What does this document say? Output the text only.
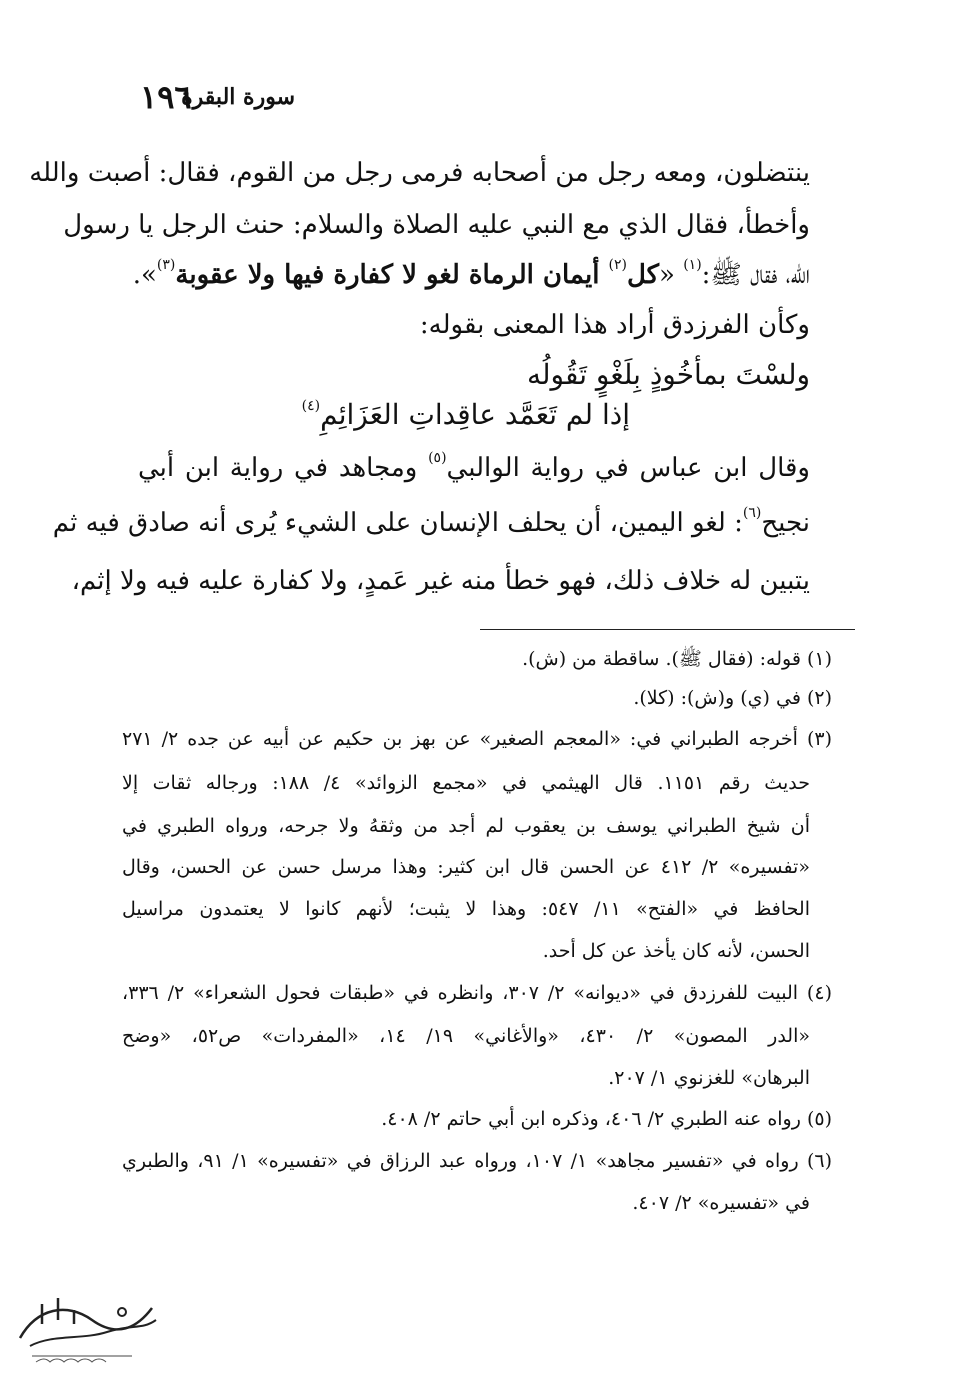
١٩٦
سورة البقرة
ينتضلون، ومعه رجل من أصحابه فرمى رجل من القوم، فقال: أصبت والله
وأخطأ، فقال الذي مع النبي عليه الصلاة والسلام: حنث الرجل يا رسول
الله، فقال ﷺ:$^{(١)}$ «كل$^{(٢)}$ أيمان الرماة لغو لا كفارة فيها ولا عقوبة$^{(٣)}$».
وكأن الفرزدق أراد هذا المعنى بقوله:
ولسْتَ بمأخُوذٍ بِلَغْوٍ تَقُولُه
إذا لم تَعَمَّد عاقِداتِ العَزَائِمِ$^{(٤)}$
وقال ابن عباس في رواية الوالبي$^{(٥)}$ ومجاهد في رواية ابن أبي
نجيح$^{(٦)}$: لغو اليمين، أن يحلف الإنسان على الشيء يُرى أنه صادق فيه ثم
يتبين له خلاف ذلك، فهو خطأ منه غير عَمدٍ، ولا كفارة عليه فيه ولا إثم،
(١) قوله: (فقال ﷺ). ساقطة من (ش).
(٢) في (ي) و(ش): (كلا).
(٣) أخرجه الطبراني في: «المعجم الصغير» عن بهز بن حكيم عن أبيه عن جده ٢/ ٢٧١
حديث رقم ١١٥١. قال الهيثمي في «مجمع الزوائد» ٤/ ١٨٨: ورجاله ثقات إلا
أن شيخ الطبراني يوسف بن يعقوب لم أجد من وثقهُ ولا جرحه، ورواه الطبري في
«تفسيره» ٢/ ٤١٢ عن الحسن قال ابن كثير: وهذا مرسل حسن عن الحسن، وقال
الحافظ في «الفتح» ١١/ ٥٤٧: وهذا لا يثبت؛ لأنهم كانوا لا يعتمدون مراسيل
الحسن، لأنه كان يأخذ عن كل أحد.
(٤) البيت للفرزدق في «ديوانه» ٢/ ٣٠٧، وانظره في «طبقات فحول الشعراء» ٢/ ٣٣٦،
«الدر المصون» ٢/ ٤٣٠، «والأغاني» ١٩/ ١٤، «المفردات» ص٥٢، «وضح
البرهان» للغزنوي ١/ ٢٠٧.
(٥) رواه عنه الطبري ٢/ ٤٠٦، وذكره ابن أبي حاتم ٢/ ٤٠٨.
(٦) رواه في «تفسير مجاهد» ١/ ١٠٧، ورواه عبد الرزاق في «تفسيره» ١/ ٩١، والطبري
في «تفسيره» ٢/ ٤٠٧.
